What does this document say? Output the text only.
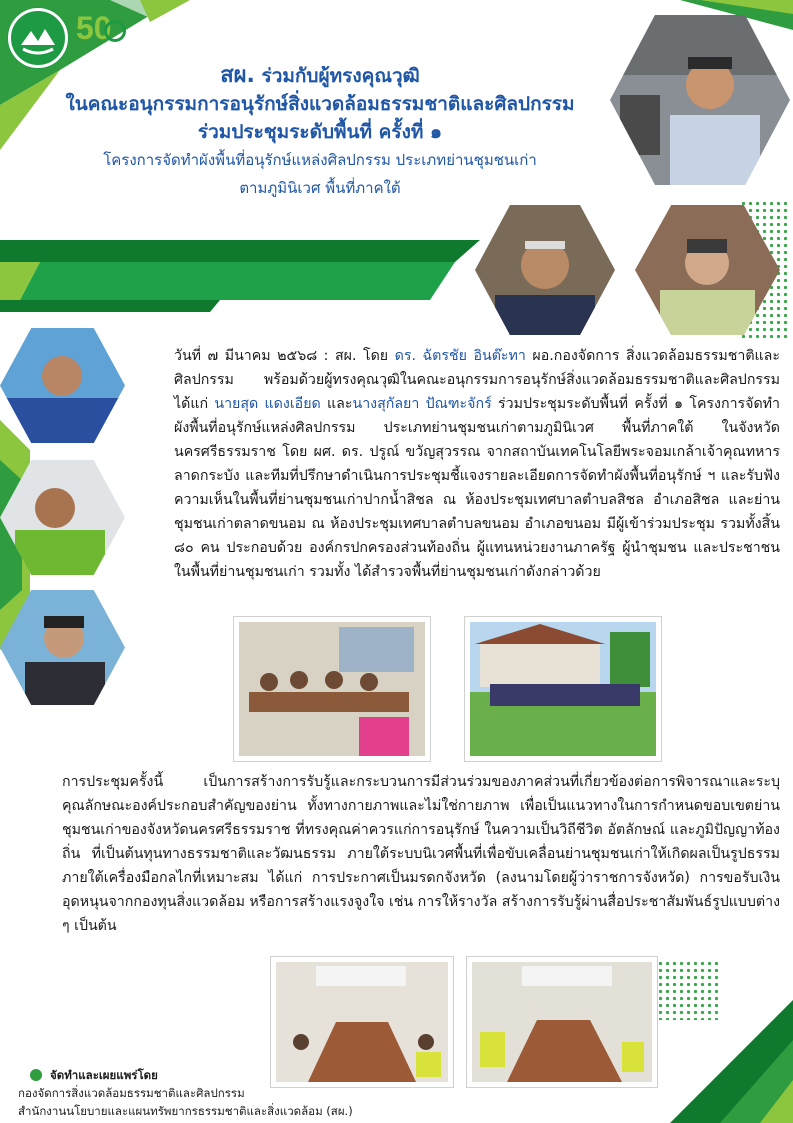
50

สผ. ร่วมกับผู้ทรงคุณวุฒิ

ในคณะอนุกรรมการอนุรักษ์สิ่งแวดล้อมธรรมชาติและศิลปกรรม

ร่วมประชุมระดับพื้นที่ ครั้งที่ ๑

โครงการจัดทำผังพื้นที่อนุรักษ์แหล่งศิลปกรรม ประเภทย่านชุมชนเก่า

ตามภูมินิเวศ พื้นที่ภาคใต้

วันที่ ๗ มีนาคม ๒๕๖๘ : สผ. โดย ดร. ฉัตรชัย อินต๊ะทา ผอ.กองจัดการ สิ่งแวดล้อมธรรมชาติและศิลปกรรม พร้อมด้วยผู้ทรงคุณวุฒิในคณะอนุกรรมการอนุรักษ์สิ่งแวดล้อมธรรมชาติและศิลปกรรม ได้แก่ นายสุด แดงเอียด และนางสุกัลยา ปัณฑะจักร์ ร่วมประชุมระดับพื้นที่ ครั้งที่ ๑ โครงการจัดทำผังพื้นที่อนุรักษ์แหล่งศิลปกรรม ประเภทย่านชุมชนเก่าตามภูมินิเวศ พื้นที่ภาคใต้ ในจังหวัดนครศรีธรรมราช โดย ผศ. ดร. ปรูณ์ ขวัญสุวรรณ จากสถาบันเทคโนโลยีพระจอมเกล้าเจ้าคุณทหารลาดกระบัง และทีมที่ปรึกษาดำเนินการประชุมชี้แจงรายละเอียดการจัดทำผังพื้นที่อนุรักษ์ ฯ และรับฟังความเห็นในพื้นที่ย่านชุมชนเก่าปากน้ำสิชล ณ ห้องประชุมเทศบาลตำบลสิชล อำเภอสิชล และย่านชุมชนเก่าตลาดขนอม ณ ห้องประชุมเทศบาลตำบลขนอม อำเภอขนอม มีผู้เข้าร่วมประชุม รวมทั้งสิ้น ๘๐ คน ประกอบด้วย องค์กรปกครองส่วนท้องถิ่น ผู้แทนหน่วยงานภาครัฐ ผู้นำชุมชน และประชาชนในพื้นที่ย่านชุมชนเก่า รวมทั้ง ได้สำรวจพื้นที่ย่านชุมชนเก่าดังกล่าวด้วย
การประชุมครั้งนี้ เป็นการสร้างการรับรู้และกระบวนการมีส่วนร่วมของภาคส่วนที่เกี่ยวข้องต่อการพิจารณาและระบุคุณลักษณะองค์ประกอบสำคัญของย่าน ทั้งทางกายภาพและไม่ใช่กายภาพ เพื่อเป็นแนวทางในการกำหนดขอบเขตย่านชุมชนเก่าของจังหวัดนครศรีธรรมราช ที่ทรงคุณค่าควรแก่การอนุรักษ์ ในความเป็นวิถีชีวิต อัตลักษณ์ และภูมิปัญญาท้องถิ่น ที่เป็นต้นทุนทางธรรมชาติและวัฒนธรรม ภายใต้ระบบนิเวศพื้นที่เพื่อขับเคลื่อนย่านชุมชนเก่าให้เกิดผลเป็นรูปธรรม ภายใต้เครื่องมือกลไกที่เหมาะสม ได้แก่ การประกาศเป็นมรดกจังหวัด (ลงนามโดยผู้ว่าราชการจังหวัด) การขอรับเงินอุดหนุนจากกองทุนสิ่งแวดล้อม หรือการสร้างแรงจูงใจ เช่น การให้รางวัล สร้างการรับรู้ผ่านสื่อประชาสัมพันธ์รูปแบบต่าง ๆ เป็นต้น
จัดทำและเผยแพร่โดย
กองจัดการสิ่งแวดล้อมธรรมชาติและศิลปกรรม
สำนักงานนโยบายและแผนทรัพยากรธรรมชาติและสิ่งแวดล้อม (สผ.)
